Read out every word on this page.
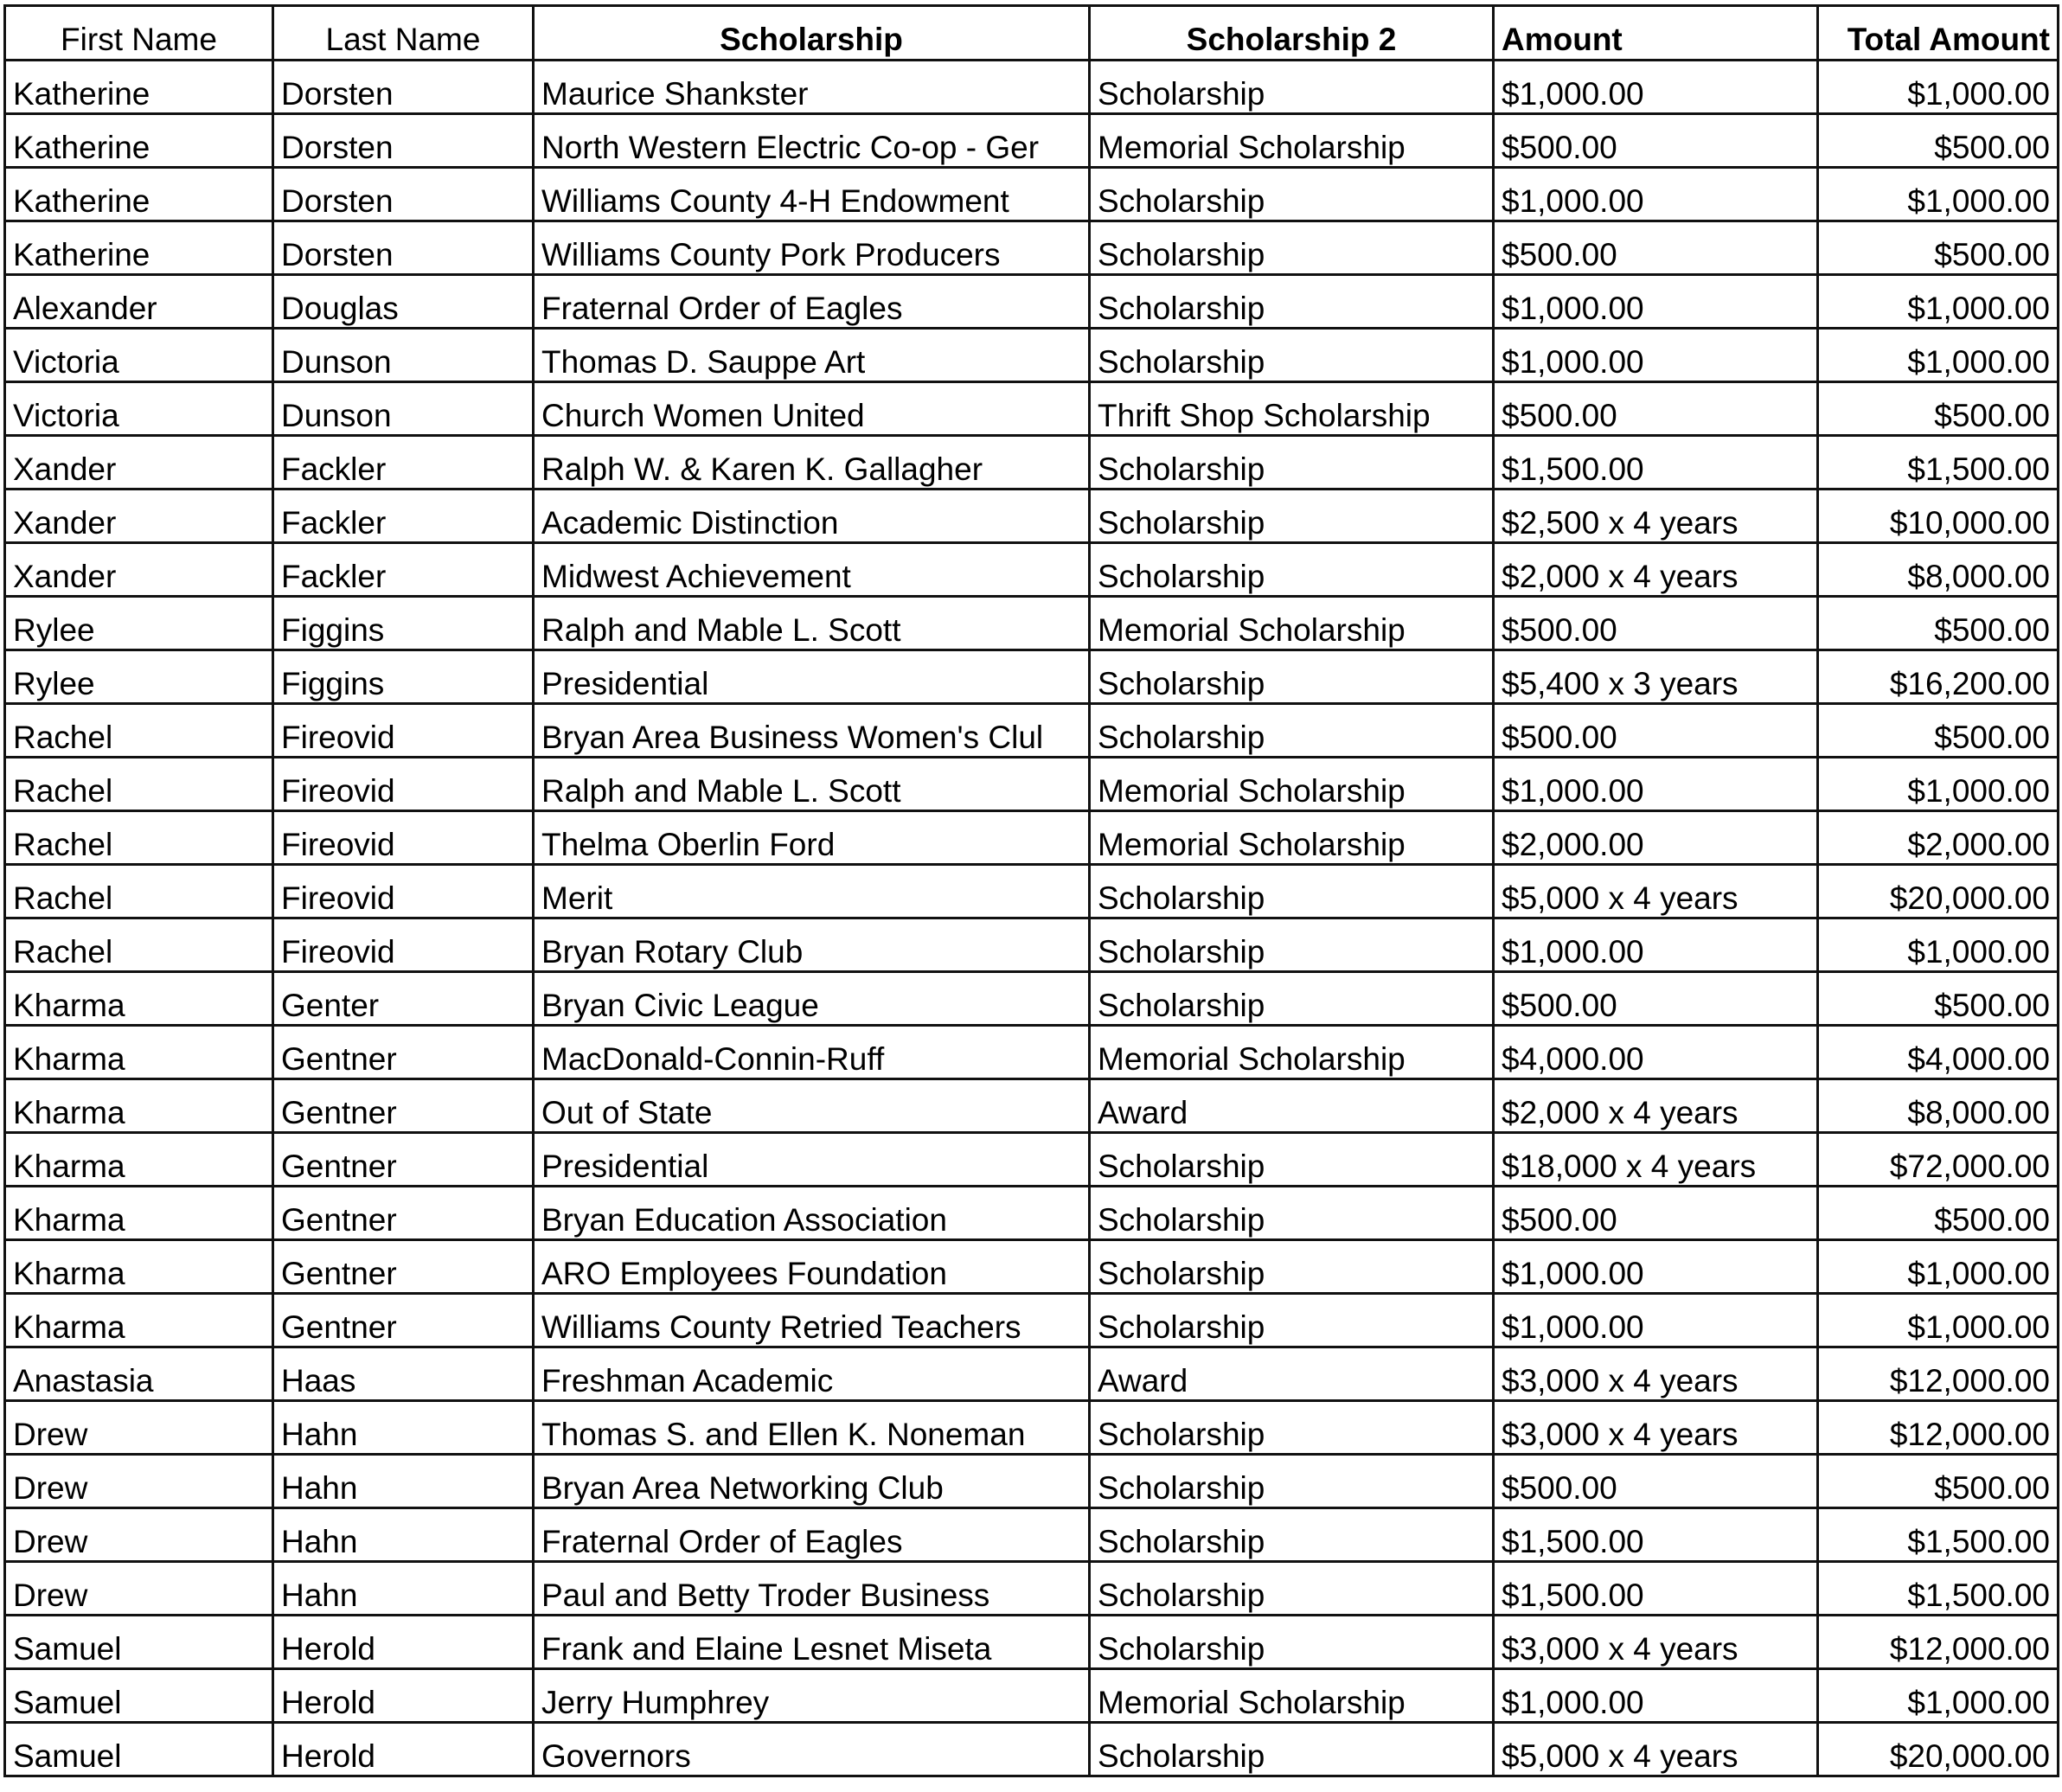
First Name	Last Name	Scholarship	Scholarship 2	Amount	Total Amount
Katherine	Dorsten	Maurice Shankster	Scholarship	$1,000.00	$1,000.00
Katherine	Dorsten	North Western Electric Co-op - Ger	Memorial Scholarship	$500.00	$500.00
Katherine	Dorsten	Williams County 4-H Endowment	Scholarship	$1,000.00	$1,000.00
Katherine	Dorsten	Williams County Pork Producers	Scholarship	$500.00	$500.00
Alexander	Douglas	Fraternal Order of Eagles	Scholarship	$1,000.00	$1,000.00
Victoria	Dunson	Thomas D. Sauppe Art	Scholarship	$1,000.00	$1,000.00
Victoria	Dunson	Church Women United	Thrift Shop Scholarship	$500.00	$500.00
Xander	Fackler	Ralph W. & Karen K. Gallagher	Scholarship	$1,500.00	$1,500.00
Xander	Fackler	Academic Distinction	Scholarship	$2,500 x 4 years	$10,000.00
Xander	Fackler	Midwest Achievement	Scholarship	$2,000 x 4 years	$8,000.00
Rylee	Figgins	Ralph and Mable L. Scott	Memorial Scholarship	$500.00	$500.00
Rylee	Figgins	Presidential	Scholarship	$5,400 x 3 years	$16,200.00
Rachel	Fireovid	Bryan Area Business Women's Clul	Scholarship	$500.00	$500.00
Rachel	Fireovid	Ralph and Mable L. Scott	Memorial Scholarship	$1,000.00	$1,000.00
Rachel	Fireovid	Thelma Oberlin Ford	Memorial Scholarship	$2,000.00	$2,000.00
Rachel	Fireovid	Merit	Scholarship	$5,000 x 4 years	$20,000.00
Rachel	Fireovid	Bryan Rotary Club	Scholarship	$1,000.00	$1,000.00
Kharma	Genter	Bryan Civic League	Scholarship	$500.00	$500.00
Kharma	Gentner	MacDonald-Connin-Ruff	Memorial Scholarship	$4,000.00	$4,000.00
Kharma	Gentner	Out of State	Award	$2,000 x 4 years	$8,000.00
Kharma	Gentner	Presidential	Scholarship	$18,000 x 4 years	$72,000.00
Kharma	Gentner	Bryan Education Association	Scholarship	$500.00	$500.00
Kharma	Gentner	ARO Employees Foundation	Scholarship	$1,000.00	$1,000.00
Kharma	Gentner	Williams County Retried Teachers	Scholarship	$1,000.00	$1,000.00
Anastasia	Haas	Freshman Academic	Award	$3,000 x 4 years	$12,000.00
Drew	Hahn	Thomas S. and Ellen K. Noneman	Scholarship	$3,000 x 4 years	$12,000.00
Drew	Hahn	Bryan Area Networking Club	Scholarship	$500.00	$500.00
Drew	Hahn	Fraternal Order of Eagles	Scholarship	$1,500.00	$1,500.00
Drew	Hahn	Paul and Betty Troder Business	Scholarship	$1,500.00	$1,500.00
Samuel	Herold	Frank and Elaine Lesnet Miseta	Scholarship	$3,000 x 4 years	$12,000.00
Samuel	Herold	Jerry Humphrey	Memorial Scholarship	$1,000.00	$1,000.00
Samuel	Herold	Governors	Scholarship	$5,000 x 4 years	$20,000.00
